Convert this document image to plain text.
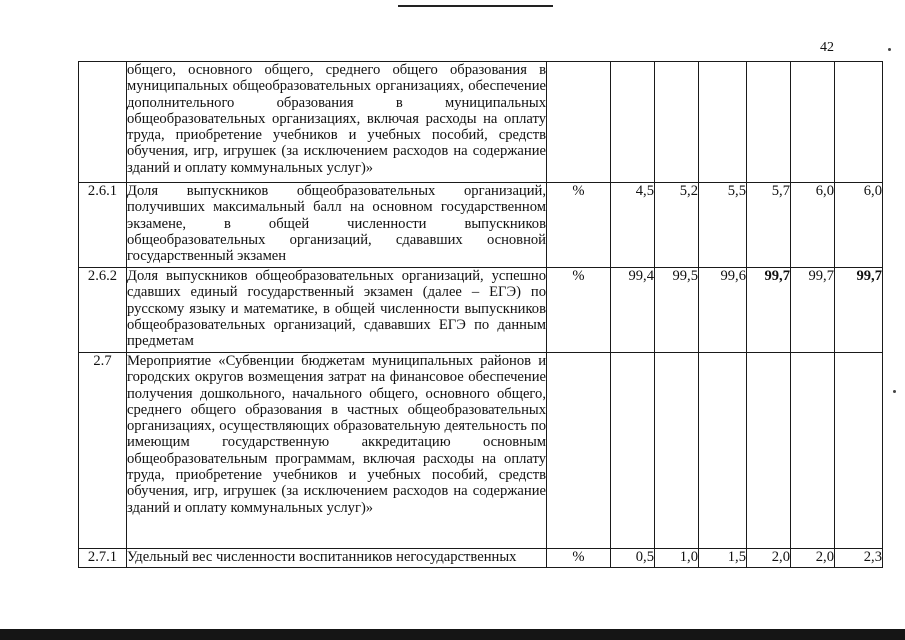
42
	общего, основного общего, среднего общего образования в муниципальных общеобразовательных организациях, обеспечение дополнительного образования в муниципальных общеобразовательных организациях, включая расходы на оплату труда, приобретение учебников и учебных пособий, средств обучения, игр, игрушек (за исключением расходов на содержание зданий и оплату коммунальных услуг)»							
2.6.1	Доля выпускников общеобразовательных организаций, получивших максимальный балл на основном государственном экзамене, в общей численности выпускников общеобразовательных организаций, сдававших основной государственный экзамен	%	4,5	5,2	5,5	5,7	6,0	6,0
2.6.2	Доля выпускников общеобразовательных организаций, успешно сдавших единый государственный экзамен (далее – ЕГЭ) по русскому языку и математике, в общей численности выпускников общеобразовательных организаций, сдававших ЕГЭ по данным предметам	%	99,4	99,5	99,6	99,7	99,7	99,7
2.7	Мероприятие «Субвенции бюджетам муниципальных районов и городских округов возмещения затрат на финансовое обеспечение получения дошкольного, начального общего, основного общего, среднего общего образования в частных общеобразовательных организациях, осуществляющих образовательную деятельность по имеющим государственную аккредитацию основным общеобразовательным программам, включая расходы на оплату труда, приобретение учебников и учебных пособий, средств обучения, игр, игрушек (за исключением расходов на содержание зданий и оплату коммунальных услуг)»							
2.7.1	Удельный вес численности воспитанников негосударственных	%	0,5	1,0	1,5	2,0	2,0	2,3
